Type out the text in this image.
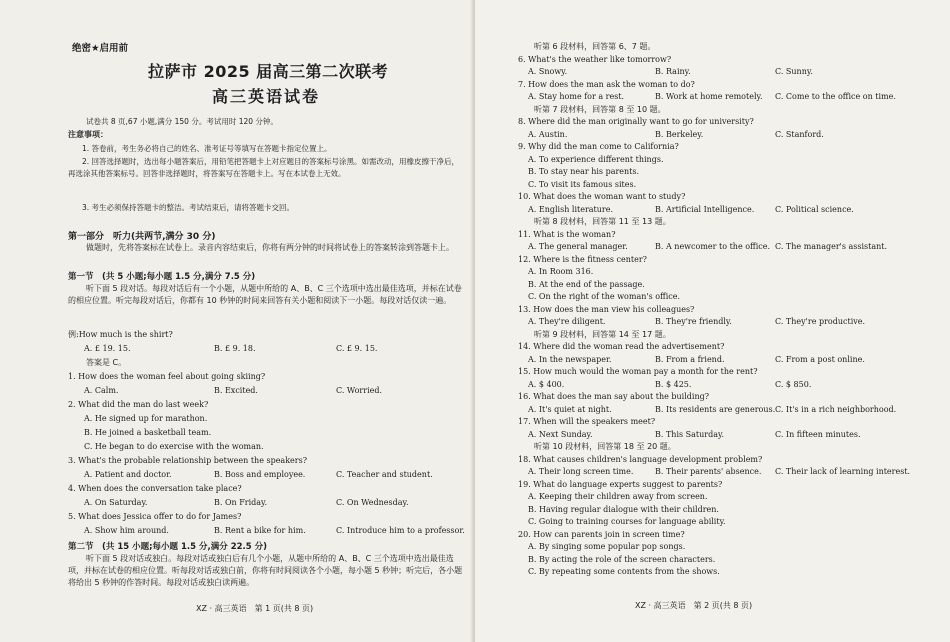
绝密★启用前
拉萨市 2025 届高三第二次联考
高三英语试卷
试卷共 8 页,67 小题,满分 150 分。考试用时 120 分钟。
注意事项：
1. 答卷前，考生务必将自己的姓名、准考证号等填写在答题卡指定位置上。
2. 回答选择题时，选出每小题答案后，用铅笔把答题卡上对应题目的答案标号涂黑。如需改动，用橡皮擦干净后，再选涂其他答案标号。回答非选择题时，将答案写在答题卡上。写在本试卷上无效。
3. 考生必须保持答题卡的整洁。考试结束后，请将答题卡交回。
第一部分　听力(共两节,满分 30 分)
做题时，先将答案标在试卷上。录音内容结束后，你将有两分钟的时间将试卷上的答案转涂到答题卡上。
第一节　(共 5 小题;每小题 1.5 分,满分 7.5 分)
听下面 5 段对话。每段对话后有一个小题，从题中所给的 A、B、C 三个选项中选出最佳选项，并标在试卷的相应位置。听完每段对话后，你都有 10 秒钟的时间来回答有关小题和阅读下一小题。每段对话仅读一遍。
例:How much is the shirt?
A. £ 19. 15.	B. £ 9. 18.	C. £ 9. 15.
答案是 C。
1. How does the woman feel about going skiing?
A. Calm.	B. Excited.	C. Worried.
2. What did the man do last week?
A. He signed up for marathon.
B. He joined a basketball team.
C. He began to do exercise with the woman.
3. What's the probable relationship between the speakers?
A. Patient and doctor.	B. Boss and employee.	C. Teacher and student.
4. When does the conversation take place?
A. On Saturday.	B. On Friday.	C. On Wednesday.
5. What does Jessica offer to do for James?
A. Show him around.	B. Rent a bike for him.	C. Introduce him to a professor.
第二节　(共 15 小题;每小题 1.5 分,满分 22.5 分)
听下面 5 段对话或独白。每段对话或独白后有几个小题，从题中所给的 A、B、C 三个选项中选出最佳选项，并标在试卷的相应位置。听每段对话或独白前，你将有时间阅读各个小题，每小题 5 秒钟；听完后，各小题将给出 5 秒钟的作答时间。每段对话或独白读两遍。
XZ · 高三英语　第 1 页(共 8 页)
听第 6 段材料，回答第 6、7 题。
6. What's the weather like tomorrow?
A. Snowy.	B. Rainy.	C. Sunny.
7. How does the man ask the woman to do?
A. Stay home for a rest.	B. Work at home remotely. C. Come to the office on time.
听第 7 段材料，回答第 8 至 10 题。
8. Where did the man originally want to go for university?
A. Austin.	B. Berkeley.	C. Stanford.
9. Why did the man come to California?
A. To experience different things.
B. To stay near his parents.
C. To visit its famous sites.
10. What does the woman want to study?
A. English literature.	B. Artificial Intelligence.	C. Political science.
听第 8 段材料，回答第 11 至 13 题。
11. What is the woman?
A. The general manager.	B. A newcomer to the office. C. The manager's assistant.
12. Where is the fitness center?
A. In Room 316.
B. At the end of the passage.
C. On the right of the woman's office.
13. How does the man view his colleagues?
A. They're diligent.	B. They're friendly.	C. They're productive.
听第 9 段材料，回答第 14 至 17 题。
14. Where did the woman read the advertisement?
A. In the newspaper.	B. From a friend.	C. From a post online.
15. How much would the woman pay a month for the rent?
A. $ 400.	B. $ 425.	C. $ 850.
16. What does the man say about the building?
A. It's quiet at night.	B. Its residents are generous. C. It's in a rich neighborhood.
17. When will the speakers meet?
A. Next Sunday.	B. This Saturday.	C. In fifteen minutes.
听第 10 段材料，回答第 18 至 20 题。
18. What causes children's language development problem?
A. Their long screen time.	B. Their parents' absence. C. Their lack of learning interest.
19. What do language experts suggest to parents?
A. Keeping their children away from screen.
B. Having regular dialogue with their children.
C. Going to training courses for language ability.
20. How can parents join in screen time?
A. By singing some popular pop songs.
B. By acting the role of the screen characters.
C. By repeating some contents from the shows.
XZ · 高三英语　第 2 页(共 8 页)
